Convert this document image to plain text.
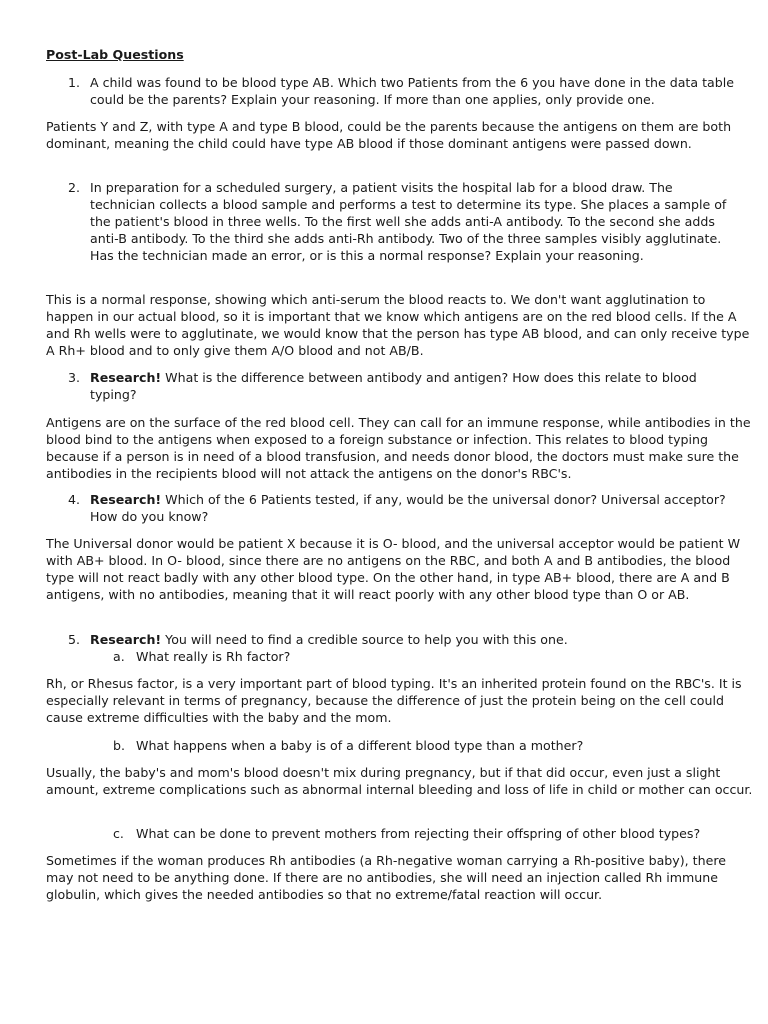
Post-Lab Questions
1. A child was found to be blood type AB. Which two Patients from the 6 you have done in the data table could be the parents? Explain your reasoning. If more than one applies, only provide one.
Patients Y and Z, with type A and type B blood, could be the parents because the antigens on them are both dominant, meaning the child could have type AB blood if those dominant antigens were passed down.
2. In preparation for a scheduled surgery, a patient visits the hospital lab for a blood draw. The technician collects a blood sample and performs a test to determine its type. She places a sample of the patient's blood in three wells. To the first well she adds anti-A antibody. To the second she adds anti-B antibody. To the third she adds anti-Rh antibody. Two of the three samples visibly agglutinate. Has the technician made an error, or is this a normal response? Explain your reasoning.
This is a normal response, showing which anti-serum the blood reacts to. We don't want agglutination to happen in our actual blood, so it is important that we know which antigens are on the red blood cells. If the A and Rh wells were to agglutinate, we would know that the person has type AB blood, and can only receive type A Rh+ blood and to only give them A/O blood and not AB/B.
3. Research! What is the difference between antibody and antigen? How does this relate to blood typing?
Antigens are on the surface of the red blood cell. They can call for an immune response, while antibodies in the blood bind to the antigens when exposed to a foreign substance or infection. This relates to blood typing because if a person is in need of a blood transfusion, and needs donor blood, the doctors must make sure the antibodies in the recipients blood will not attack the antigens on the donor's RBC's.
4. Research! Which of the 6 Patients tested, if any, would be the universal donor? Universal acceptor? How do you know?
The Universal donor would be patient X because it is O- blood, and the universal acceptor would be patient W with AB+ blood. In O- blood, since there are no antigens on the RBC, and both A and B antibodies, the blood type will not react badly with any other blood type. On the other hand, in type AB+ blood, there are A and B antigens, with no antibodies, meaning that it will react poorly with any other blood type than O or AB.
5. Research! You will need to find a credible source to help you with this one.
a. What really is Rh factor?
Rh, or Rhesus factor, is a very important part of blood typing. It's an inherited protein found on the RBC's. It is especially relevant in terms of pregnancy, because the difference of just the protein being on the cell could cause extreme difficulties with the baby and the mom.
b. What happens when a baby is of a different blood type than a mother?
Usually, the baby's and mom's blood doesn't mix during pregnancy, but if that did occur, even just a slight amount, extreme complications such as abnormal internal bleeding and loss of life in child or mother can occur.
c. What can be done to prevent mothers from rejecting their offspring of other blood types?
Sometimes if the woman produces Rh antibodies (a Rh-negative woman carrying a Rh-positive baby), there may not need to be anything done. If there are no antibodies, she will need an injection called Rh immune globulin, which gives the needed antibodies so that no extreme/fatal reaction will occur.
